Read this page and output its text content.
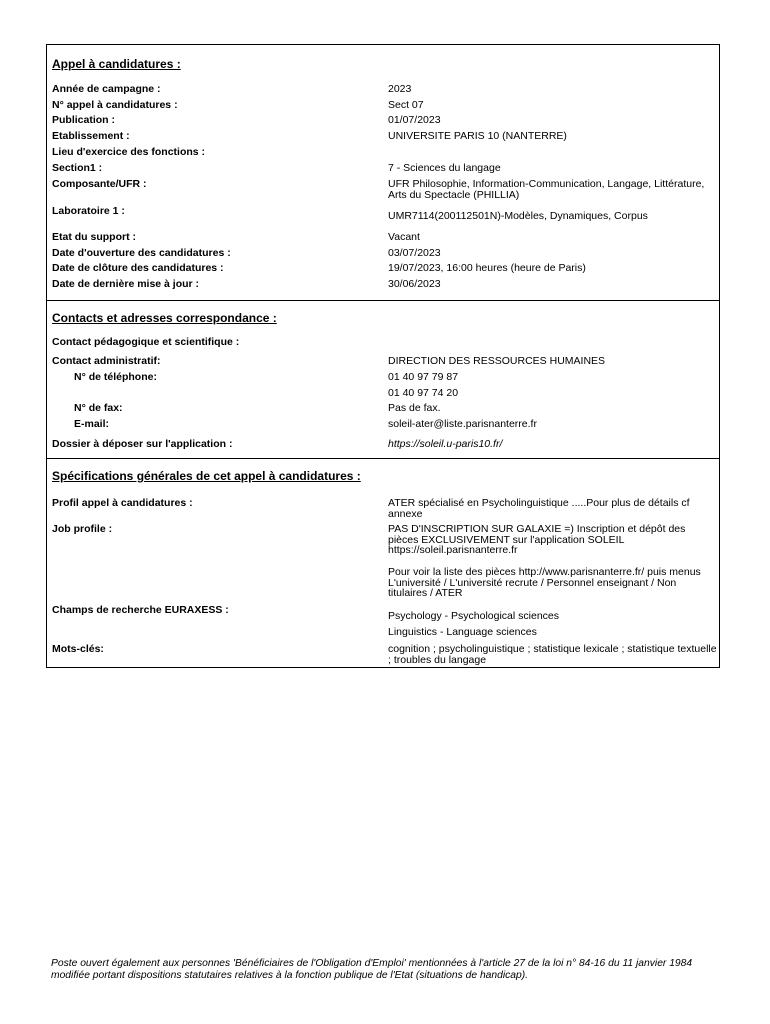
Appel à candidatures :
Année de campagne :	2023
N° appel à candidatures :	Sect 07
Publication :	01/07/2023
Etablissement :	UNIVERSITE PARIS 10 (NANTERRE)
Lieu d'exercice des fonctions :
Section1 :	7 - Sciences du langage
Composante/UFR :	UFR Philosophie, Information-Communication, Langage, Littérature, Arts du Spectacle (PHILLIA)
Laboratoire 1 :	UMR7114(200112501N)-Modèles, Dynamiques, Corpus
Etat du support :	Vacant
Date d'ouverture des candidatures :	03/07/2023
Date de clôture des candidatures :	19/07/2023, 16:00 heures (heure de Paris)
Date de dernière mise à jour :	30/06/2023
Contacts et adresses correspondance :
Contact pédagogique et scientifique :
Contact administratif:	DIRECTION DES RESSOURCES HUMAINES
N° de téléphone:	01 40 97 79 87
01 40 97 74 20
N° de fax:	Pas de fax.
E-mail:	soleil-ater@liste.parisnanterre.fr
Dossier à déposer sur l'application :	https://soleil.u-paris10.fr/
Spécifications générales de cet appel à candidatures :
Profil appel à candidatures :	ATER spécialisé en Psycholinguistique .....Pour plus de détails cf annexe
Job profile :	PAS D'INSCRIPTION SUR GALAXIE =) Inscription et dépôt des pièces EXCLUSIVEMENT sur l'application SOLEIL https://soleil.parisnanterre.fr
Pour voir la liste des pièces http://www.parisnanterre.fr/ puis menus L'université / L'université recrute / Personnel enseignant / Non titulaires / ATER
Champs de recherche EURAXESS :	Psychology - Psychological sciences
Linguistics - Language sciences
Mots-clés:	cognition ; psycholinguistique ; statistique lexicale ; statistique textuelle ; troubles du langage
Poste ouvert également aux personnes 'Bénéficiaires de l'Obligation d'Emploi' mentionnées à l'article 27 de la loi n° 84-16 du 11 janvier 1984 modifiée portant dispositions statutaires relatives à la fonction publique de l'Etat (situations de handicap).
